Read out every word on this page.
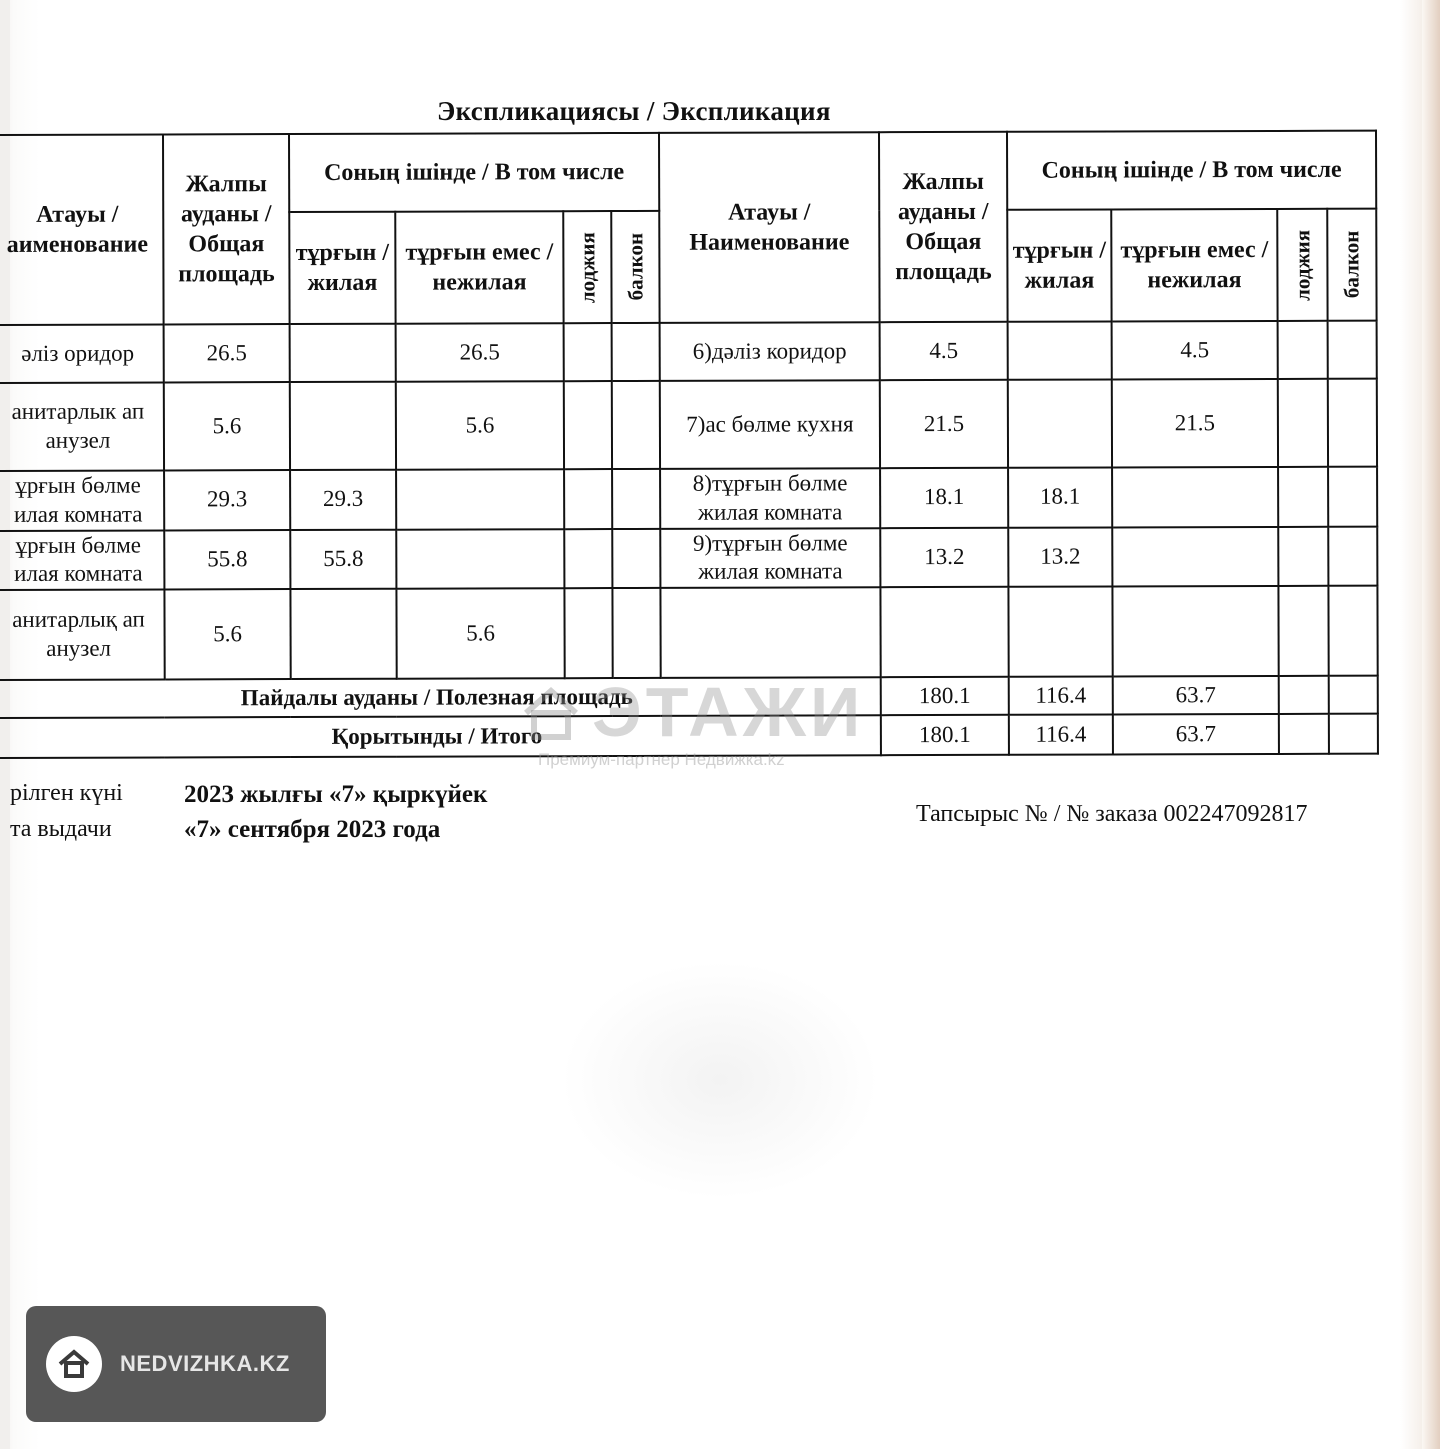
Экспликациясы / Экспликация
Атауы / аименование	Жалпы ауданы / Общая площадь	Соның ішінде / В том числе				Атауы / Наименование	Жалпы ауданы / Общая площадь	Соның ішінде / В том числе			
		тұрғын / жилая	тұрғын емес / нежилая	лоджия	балкон			тұрғын / жилая	тұрғын емес / нежилая	лоджия	балкон

әліз оридор	26.5		26.5			6)дәліз коридор	4.5		4.5		
анитарлык ап анузел	5.6		5.6			7)ас бөлме кухня	21.5		21.5		
ұрғын бөлме илая комната	29.3	29.3				8)тұрғын бөлме жилая комната	18.1	18.1			
ұрғын бөлме илая комната	55.8	55.8				9)тұрғын бөлме жилая комната	13.2	13.2			
анитарлық ап анузел	5.6		5.6								
Пайдалы ауданы / Полезная площадь							180.1	116.4	63.7		
Қорытынды / Итого							180.1	116.4	63.7		
ЭТАЖИ
Премиум-партнер Недвижка.kz
рілген күні
та выдачи
2023 жылғы «7» қыркүйек
«7» сентября 2023 года
Тапсырыс № / № заказа 002247092817
NEDVIZHKA.KZ
